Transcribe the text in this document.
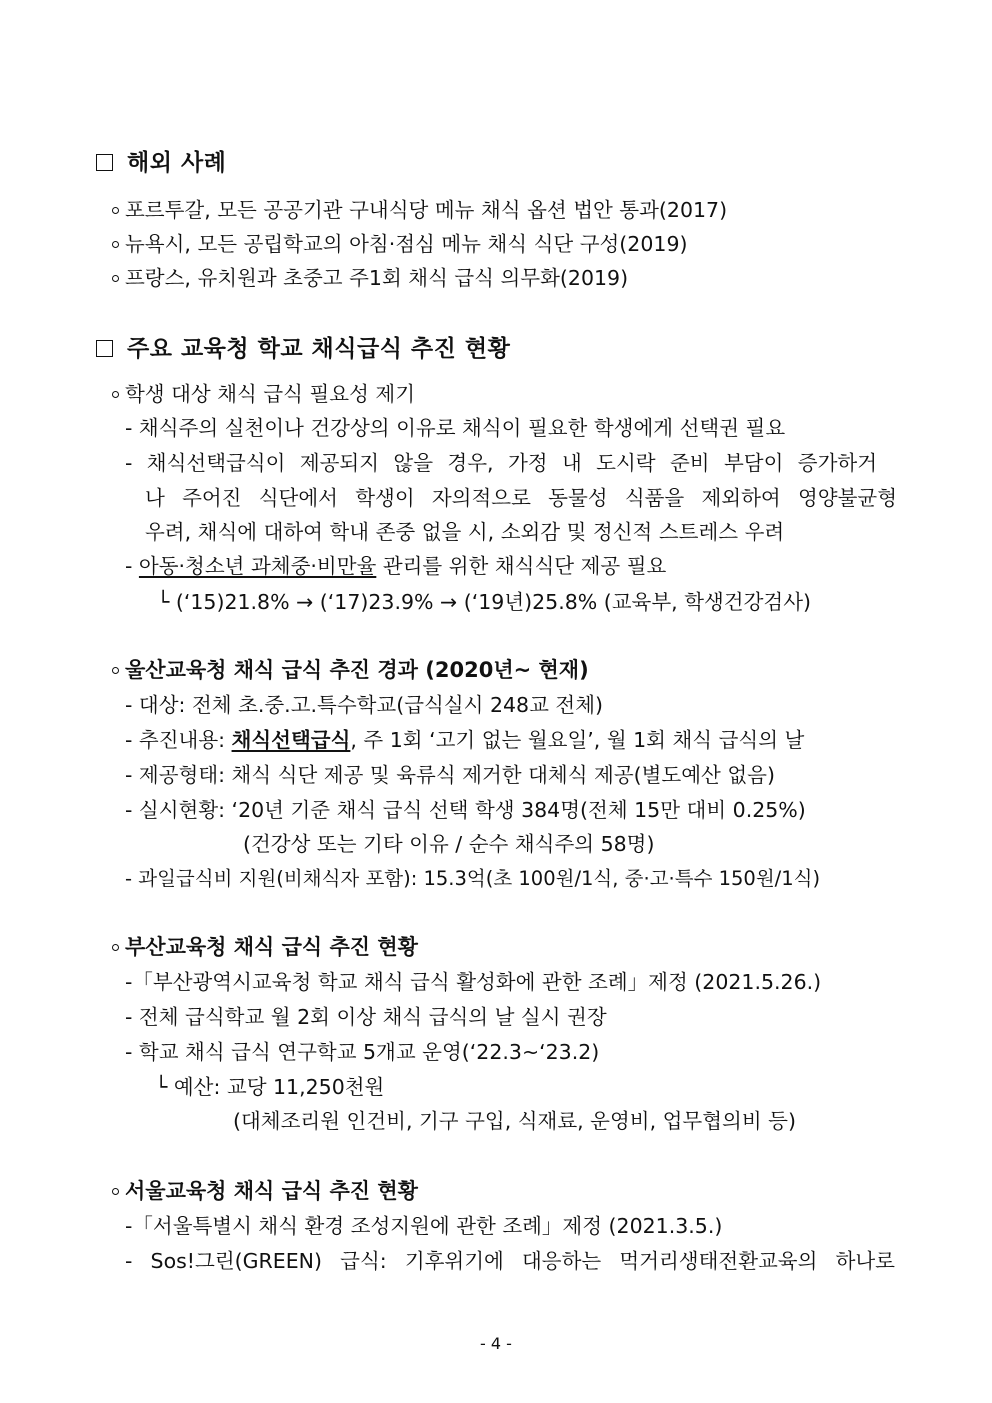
해외 사례
포르투갈, 모든 공공기관 구내식당 메뉴 채식 옵션 법안 통과(2017)
뉴욕시, 모든 공립학교의 아침·점심 메뉴 채식 식단 구성(2019)
프랑스, 유치원과 초중고 주1회 채식 급식 의무화(2019)
주요 교육청 학교 채식급식 추진 현황
학생 대상 채식 급식 필요성 제기
- 채식주의 실천이나 건강상의 이유로 채식이 필요한 학생에게 선택권 필요
- 채식선택급식이 제공되지 않을 경우, 가정 내 도시락 준비 부담이 증가하거
나 주어진 식단에서 학생이 자의적으로 동물성 식품을 제외하여 영양불균형
우려, 채식에 대하여 학내 존중 없을 시, 소외감 및 정신적 스트레스 우려
- 아동·청소년 과체중·비만율 관리를 위한 채식식단 제공 필요
└ (‘15)21.8% → (‘17)23.9% → (‘19년)25.8% (교육부, 학생건강검사)
울산교육청 채식 급식 추진 경과 (2020년~ 현재)
- 대상: 전체 초.중.고.특수학교(급식실시 248교 전체)
- 추진내용: 채식선택급식, 주 1회 ‘고기 없는 월요일’, 월 1회 채식 급식의 날
- 제공형태: 채식 식단 제공 및 육류식 제거한 대체식 제공(별도예산 없음)
- 실시현황: ‘20년 기준 채식 급식 선택 학생 384명(전체 15만 대비 0.25%)
(건강상 또는 기타 이유 / 순수 채식주의 58명)
- 과일급식비 지원(비채식자 포함): 15.3억(초 100원/1식, 중·고·특수 150원/1식)
부산교육청 채식 급식 추진 현황
-「부산광역시교육청 학교 채식 급식 활성화에 관한 조례」제정 (2021.5.26.)
- 전체 급식학교 월 2회 이상 채식 급식의 날 실시 권장
- 학교 채식 급식 연구학교 5개교 운영(‘22.3~‘23.2)
└ 예산: 교당 11,250천원
(대체조리원 인건비, 기구 구입, 식재료, 운영비, 업무협의비 등)
서울교육청 채식 급식 추진 현황
-「서울특별시 채식 환경 조성지원에 관한 조례」제정 (2021.3.5.)
- Sos!그린(GREEN) 급식: 기후위기에 대응하는 먹거리생태전환교육의 하나로
- 4 -
